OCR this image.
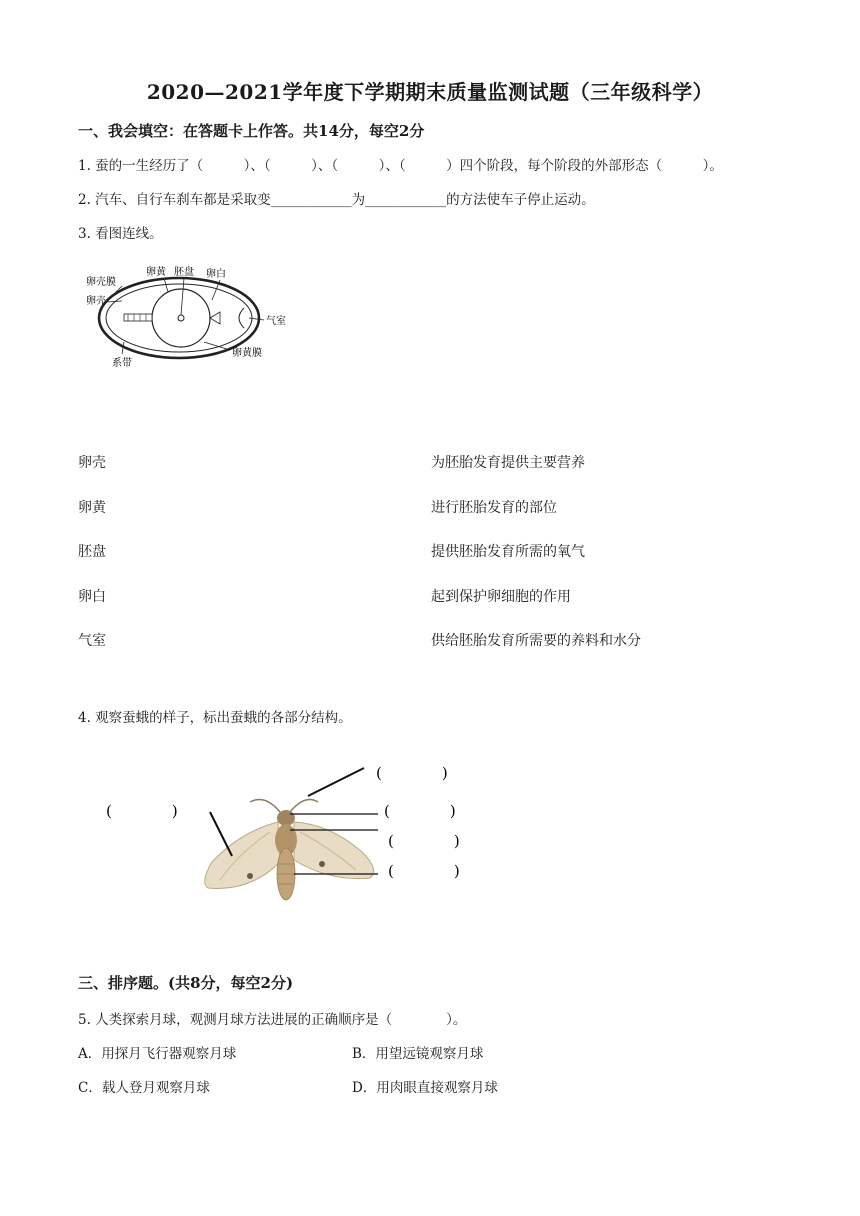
2020—2021学年度下学期期末质量监测试题（三年级科学）
一、我会填空：在答题卡上作答。共14分，每空2分
1. 蚕的一生经历了（　　　）、（　　　）、（　　　）、（　　　）四个阶段，每个阶段的外部形态（　　　）。
2. 汽车、自行车刹车都是采取变____________为____________的方法使车子停止运动。
3. 看图连线。
卵壳膜
卵壳
卵黄 胚盘 卵白
气室
系带
卵黄膜
卵壳
卵黄
胚盘
卵白
气室
为胚胎发育提供主要营养
进行胚胎发育的部位
提供胚胎发育所需的氧气
起到保护卵细胞的作用
供给胚胎发育所需要的养料和水分
4. 观察蚕蛾的样子，标出蚕蛾的各部分结构。
(　　　　)
(　　　　)
(　　　　)
(　　　　)
(　　　　)
三、排序题。(共8分，每空2分)
5. 人类探索月球，观测月球方法进展的正确顺序是（　　　　）。
A．用探月飞行器观察月球	B．用望远镜观察月球
C．载人登月观察月球	D．用肉眼直接观察月球
